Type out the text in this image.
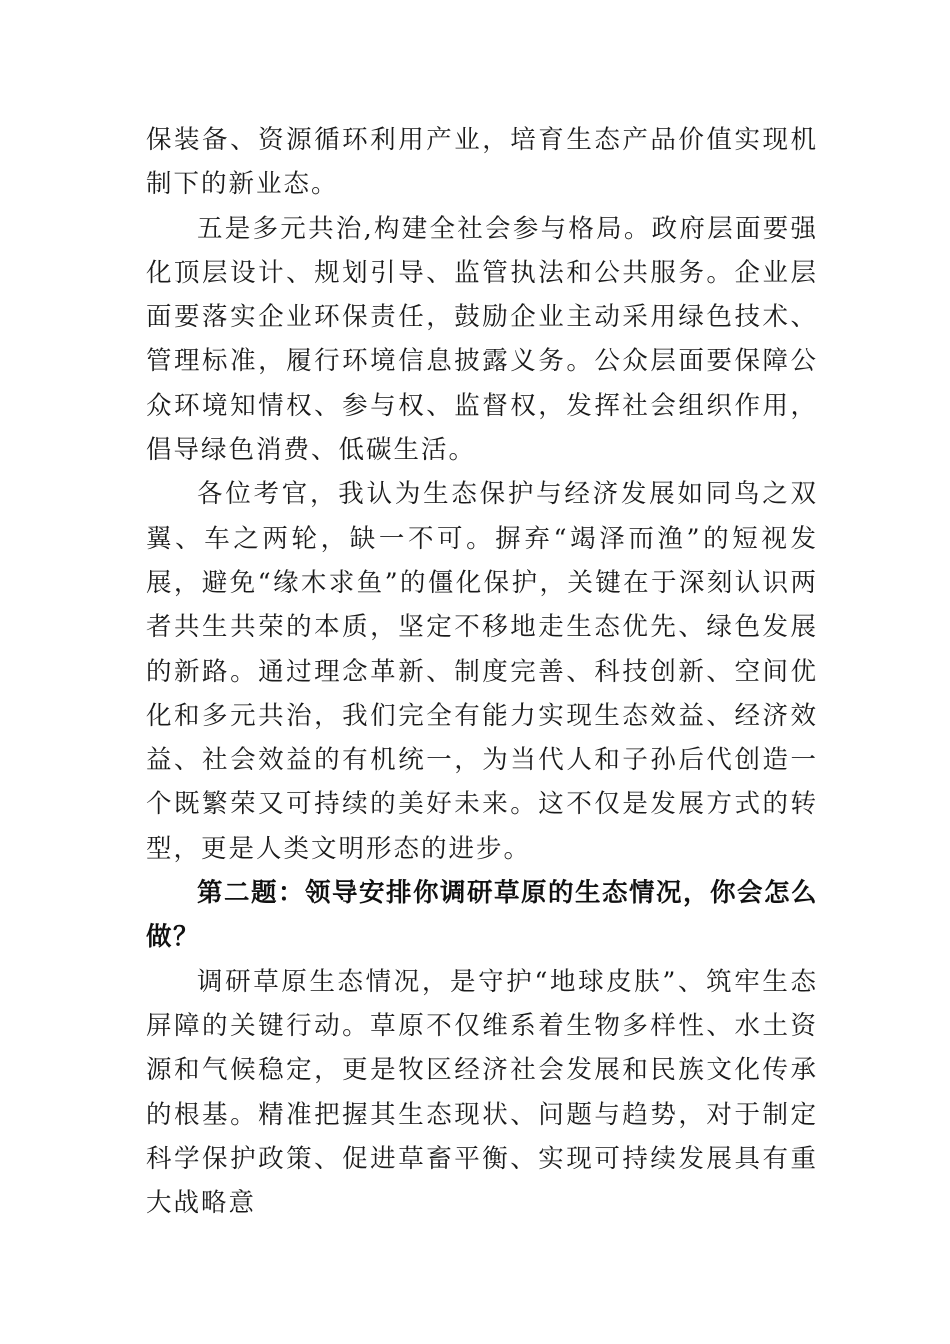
保装备、资源循环利用产业，培育生态产品价值实现机制下的新业态。

五是多元共治,构建全社会参与格局。政府层面要强化顶层设计、规划引导、监管执法和公共服务。企业层面要落实企业环保责任，鼓励企业主动采用绿色技术、管理标准，履行环境信息披露义务。公众层面要保障公众环境知情权、参与权、监督权，发挥社会组织作用，倡导绿色消费、低碳生活。

各位考官，我认为生态保护与经济发展如同鸟之双翼、车之两轮，缺一不可。摒弃“竭泽而渔”的短视发展，避免“缘木求鱼”的僵化保护，关键在于深刻认识两者共生共荣的本质，坚定不移地走生态优先、绿色发展的新路。通过理念革新、制度完善、科技创新、空间优化和多元共治，我们完全有能力实现生态效益、经济效益、社会效益的有机统一，为当代人和子孙后代创造一个既繁荣又可持续的美好未来。这不仅是发展方式的转型，更是人类文明形态的进步。

第二题：领导安排你调研草原的生态情况，你会怎么做？

调研草原生态情况，是守护“地球皮肤”、筑牢生态屏障的关键行动。草原不仅维系着生物多样性、水土资源和气候稳定，更是牧区经济社会发展和民族文化传承的根基。精准把握其生态现状、问题与趋势，对于制定科学保护政策、促进草畜平衡、实现可持续发展具有重大战略意
